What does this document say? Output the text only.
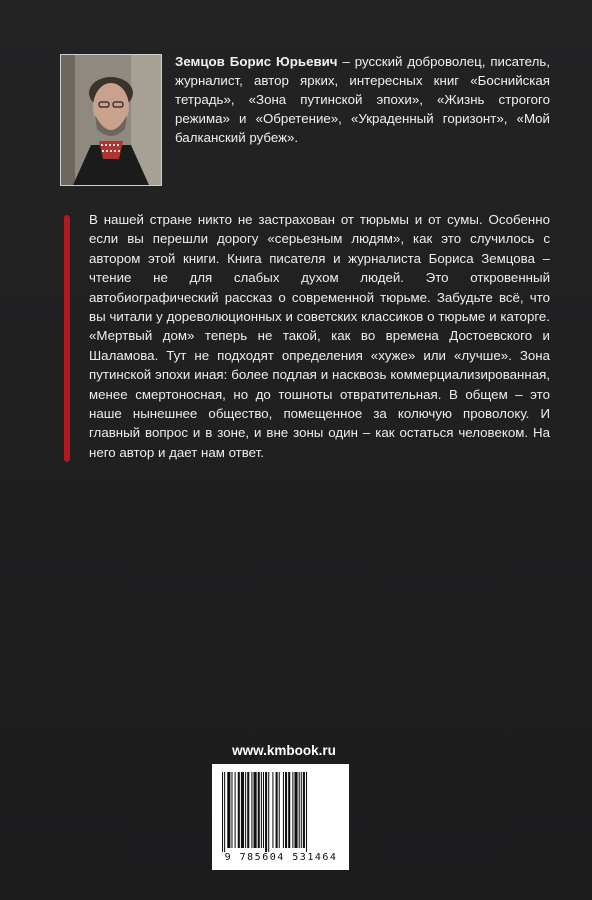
Земцов Борис Юрьевич – русский доброволец, писатель, журналист, автор ярких, интересных книг «Боснийская тетрадь», «Зона путинской эпохи», «Жизнь строгого режима» и «Обретение», «Украденный горизонт», «Мой балканский рубеж».

В нашей стране никто не застрахован от тюрьмы и от сумы. Особенно если вы перешли дорогу «серьезным людям», как это случилось с автором этой книги. Книга писателя и журналиста Бориса Земцова – чтение не для слабых духом людей. Это откровенный автобиографический рассказ о современной тюрьме. Забудьте всё, что вы читали у дореволюционных и советских классиков о тюрьме и каторге. «Мертвый дом» теперь не такой, как во времена Достоевского и Шаламова. Тут не подходят определения «хуже» или «лучше». Зона путинской эпохи иная: более подлая и насквозь коммерциализированная, менее смертоносная, но до тошноты отвратительная. В общем – это наше нынешнее общество, помещенное за колючую проволоку. И главный вопрос и в зоне, и вне зоны один – как остаться человеком. На него автор и дает нам ответ.

www.kmbook.ru
9 785604 531464
